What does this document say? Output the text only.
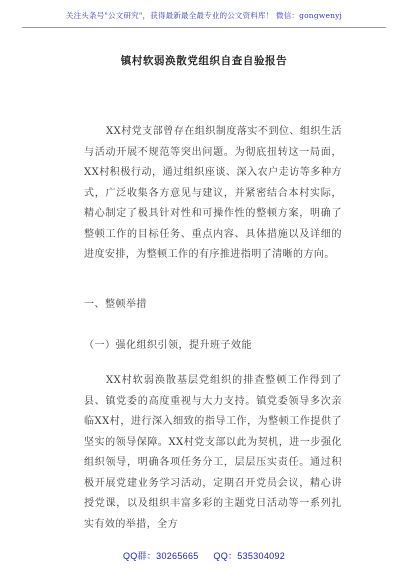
关注头条号"公文研究"，获得最新最全最专业的公文资料库！ 微信：gongwenyj
镇村软弱涣散党组织自查自验报告

XX村党支部曾存在组织制度落实不到位、组织生活与活动开展不规范等突出问题。为彻底扭转这一局面，XX村积极行动，通过组织座谈、深入农户走访等多种方式，广泛收集各方意见与建议，并紧密结合本村实际，精心制定了极具针对性和可操作性的整顿方案，明确了整顿工作的目标任务、重点内容、具体措施以及详细的进度安排，为整顿工作的有序推进指明了清晰的方向。

一、整顿举措

（一）强化组织引领，提升班子效能

XX村软弱涣散基层党组织的排查整顿工作得到了县、镇党委的高度重视与大力支持。镇党委领导多次亲临XX村，进行深入细致的指导工作，为整顿工作提供了坚实的领导保障。XX村党支部以此为契机，进一步强化组织领导，明确各项任务分工，层层压实责任。通过积极开展党建业务学习活动，定期召开党员会议，精心讲授党课，以及组织丰富多彩的主题党日活动等一系列扎实有效的举措，全方

QQ群：30265665 QQ：535304092
